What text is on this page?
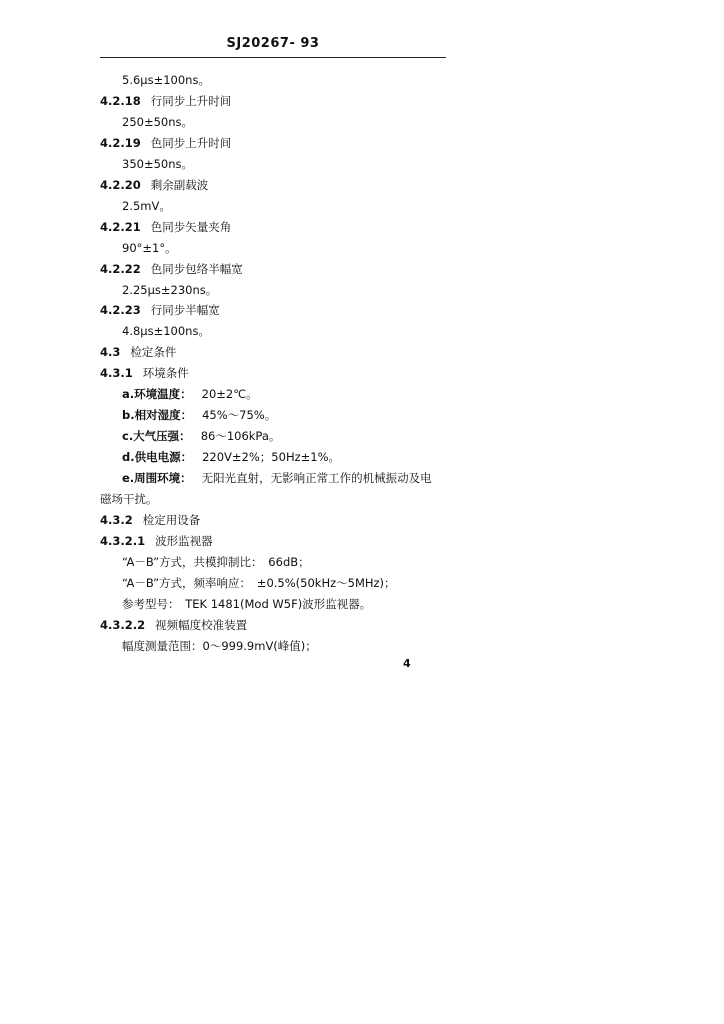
SJ20267- 93
5.6μs±100ns。
4.2.18 行同步上升时间
250±50ns。
4.2.19 色同步上升时间
350±50ns。
4.2.20 剩余副载波
2.5mV。
4.2.21 色同步矢量夹角
90°±1°。
4.2.22 色同步包络半幅宽
2.25μs±230ns。
4.2.23 行同步半幅宽
4.8μs±100ns。
4.3 检定条件
4.3.1 环境条件
a.环境温度： 20±2℃。
b.相对湿度： 45%～75%。
c.大气压强： 86～106kPa。
d.供电电源： 220V±2%；50Hz±1%。
e.周围环境： 无阳光直射，无影响正常工作的机械振动及电
磁场干扰。
4.3.2 检定用设备
4.3.2.1 波形监视器
“A－B”方式，共模抑制比：　66dB；
“A－B”方式，频率响应：　±0.5%(50kHz～5MHz)；
参考型号：　TEK 1481(Mod W5F)波形监视器。
4.3.2.2 视频幅度校准装置
幅度测量范围：0～999.9mV(峰值)；
4
